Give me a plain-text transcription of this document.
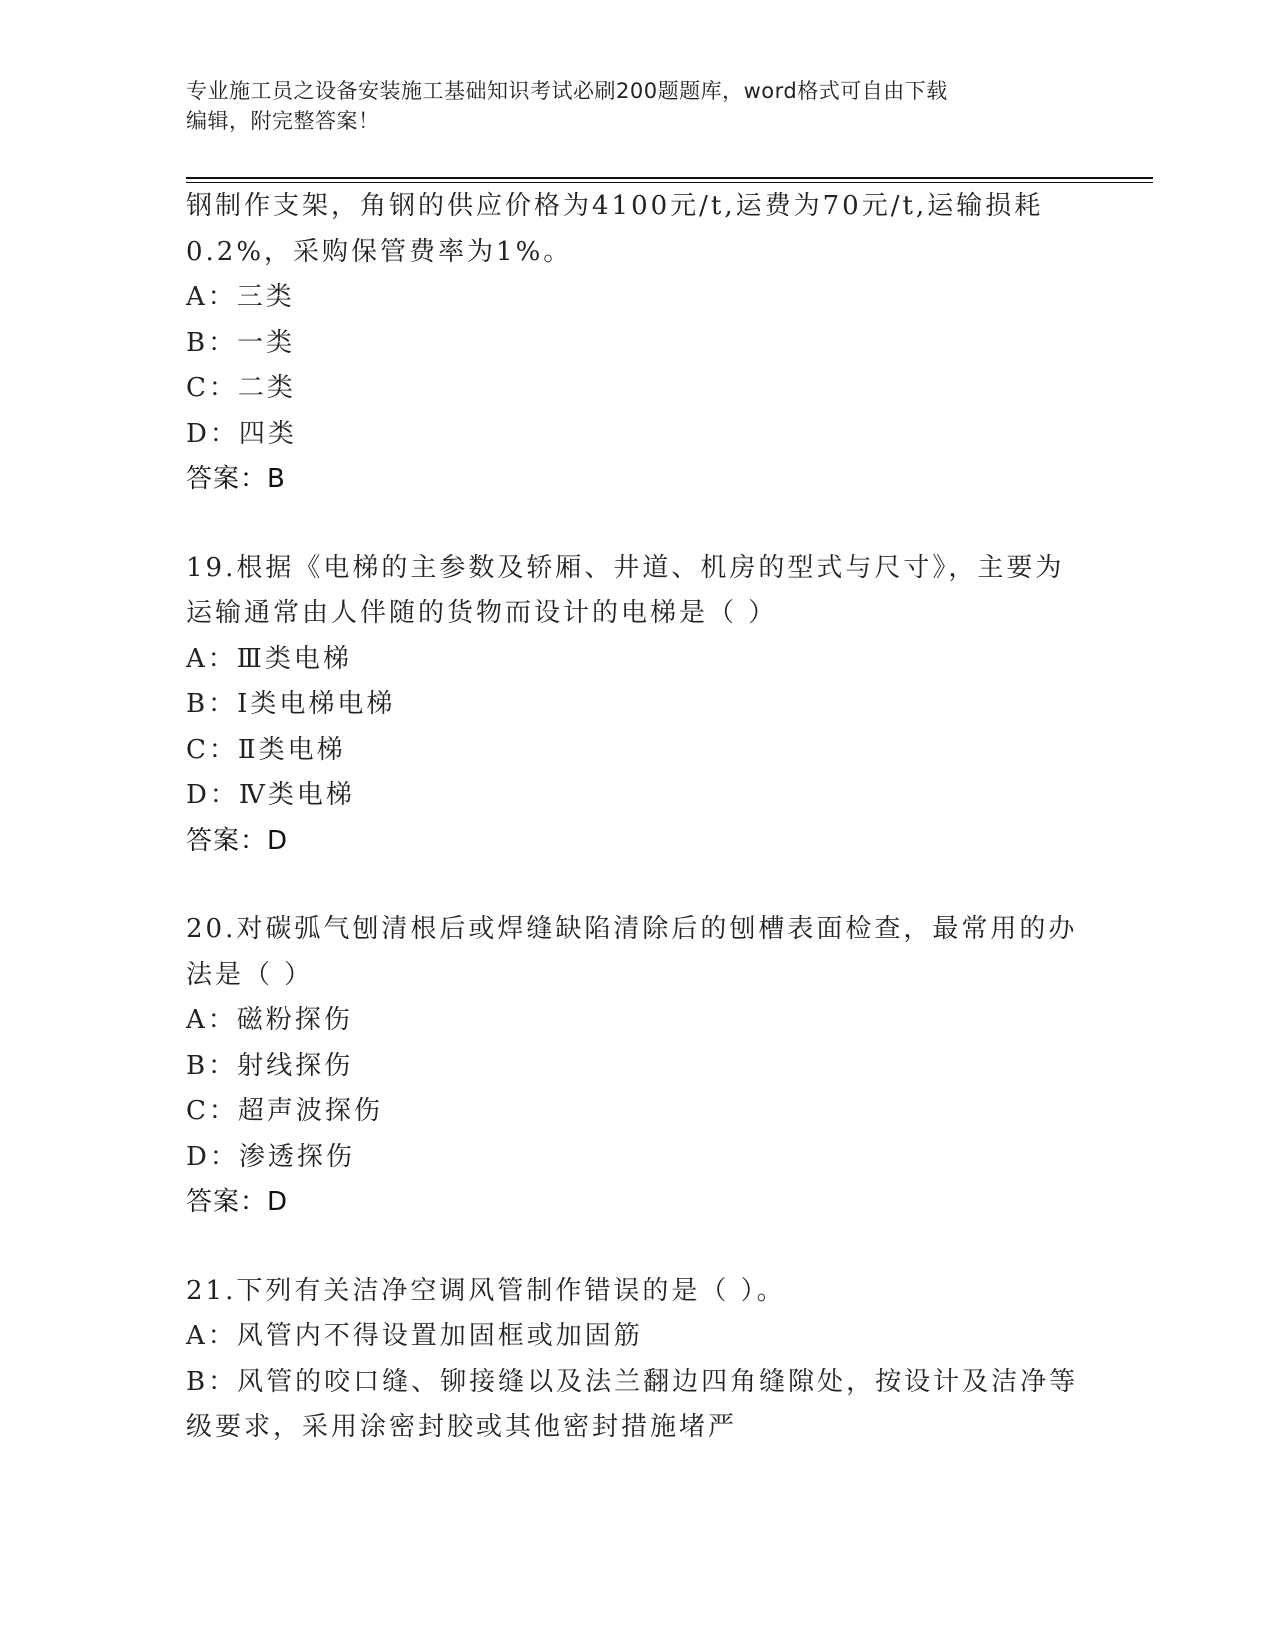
专业施工员之设备安装施工基础知识考试必刷200题题库，word格式可自由下载
编辑，附完整答案！
钢制作支架，角钢的供应价格为4100元/t,运费为70元/t,运输损耗
0.2%，采购保管费率为1%。
A：三类
B：一类
C：二类
D：四类
答案：B
19.根据《电梯的主参数及轿厢、井道、机房的型式与尺寸》，主要为
运输通常由人伴随的货物而设计的电梯是（ ）
A：Ⅲ类电梯
B：Ⅰ类电梯电梯
C：Ⅱ类电梯
D：Ⅳ类电梯
答案：D
20.对碳弧气刨清根后或焊缝缺陷清除后的刨槽表面检查，最常用的办
法是（ ）
A：磁粉探伤
B：射线探伤
C：超声波探伤
D：渗透探伤
答案：D
21.下列有关洁净空调风管制作错误的是（ ）。
A：风管内不得设置加固框或加固筋
B：风管的咬口缝、铆接缝以及法兰翻边四角缝隙处，按设计及洁净等
级要求，采用涂密封胶或其他密封措施堵严
